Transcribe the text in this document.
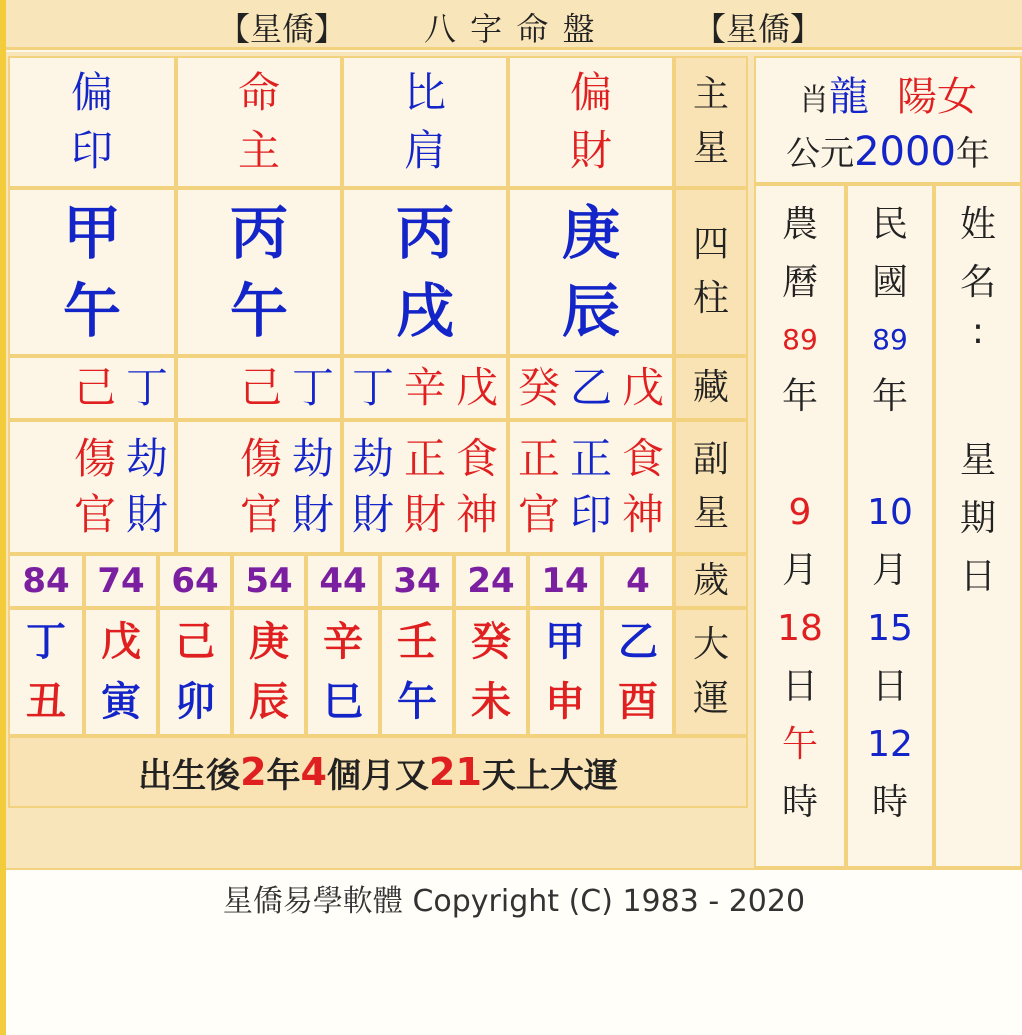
【星僑】 八 字 命 盤	【星僑】
偏
印
命
主
比
肩
偏
財
主
星
甲
午
丙
午
丙
戌
庚
辰
四
柱
己 丁 己 丁 丁 辛 戊 癸 乙 戊 藏
傷
官
劫
財
傷
官
劫
財
劫
財
正
財
食
神
正
官
正
印
食
神
副
星
84 74 64 54 44 34 24 14 4 歲
丁
丑
戊
寅
己
卯
庚
辰
辛
巳
壬
午
癸
未
甲
申
乙
酉
大
運
出生後 2 年 4 個月又 21 天上大運
肖龍 陽女
公元2000年
農
曆
89
年
9
月
18
日
午
時
民
國
89
年
10
月
15
日
12
時
姓
名
:
星
期
日
星僑易學軟體 Copyright (C) 1983 - 2020
